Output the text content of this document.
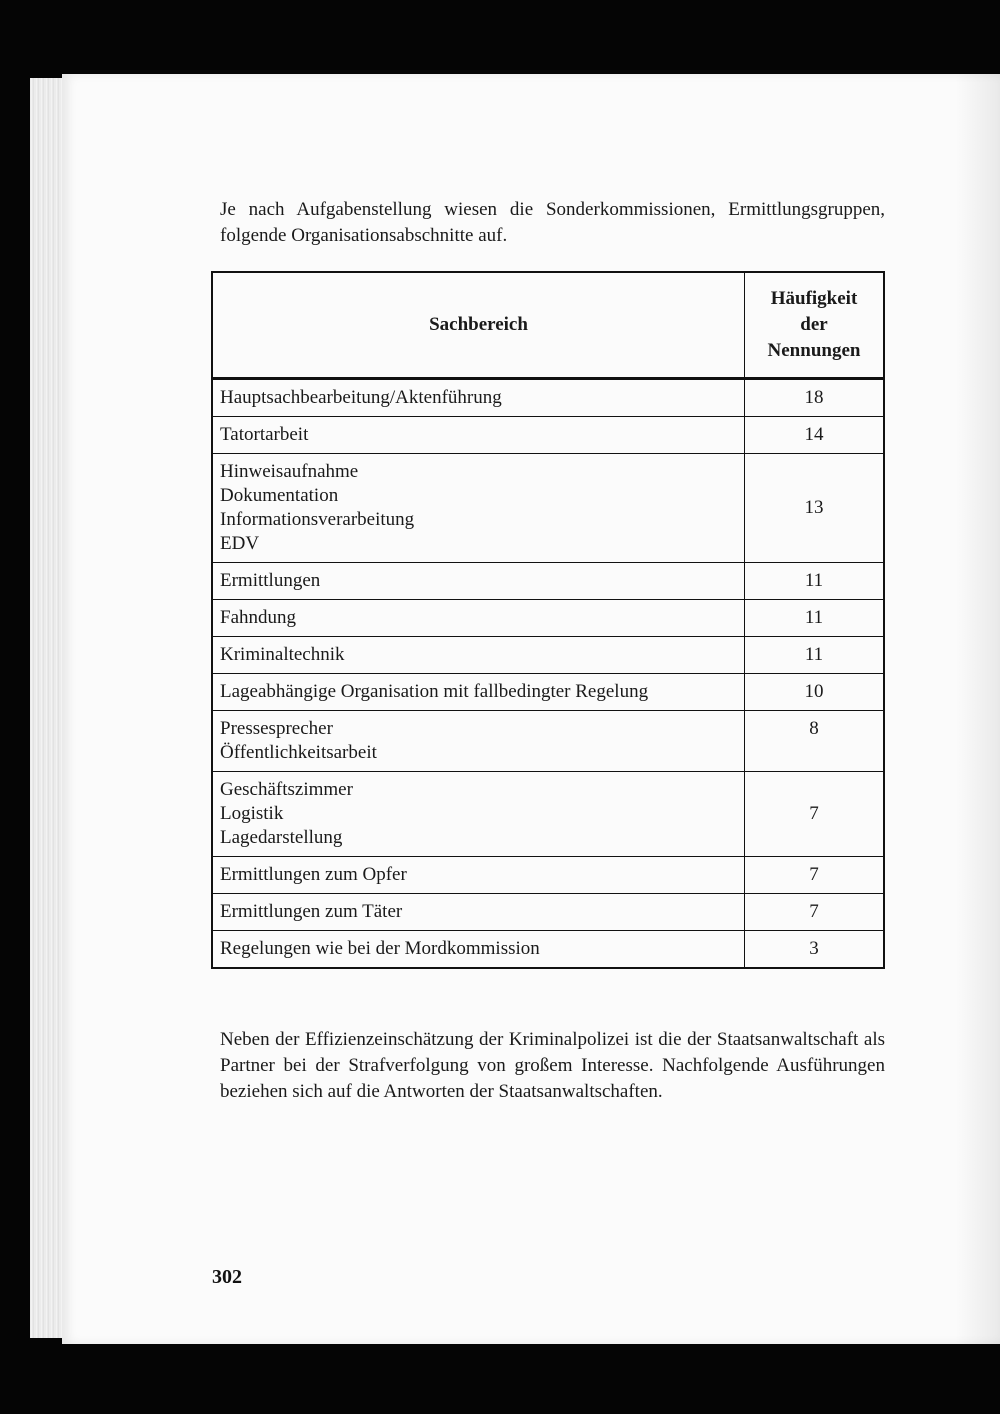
Je nach Aufgabenstellung wiesen die Sonderkommissionen, Ermittlungsgruppen, folgende Organisationsabschnitte auf.

Sachbereich	Häufigkeit
der
Nennungen

Hauptsachbearbeitung/Aktenführung	18

Tatortarbeit	14

Hinweisaufnahme
Dokumentation
Informationsverarbeitung
EDV	13

Ermittlungen	11

Fahndung	11

Kriminaltechnik	11

Lageabhängige Organisation mit fallbedingter Regelung	10

Pressesprecher
Öffentlichkeitsarbeit	8

Geschäftszimmer
Logistik
Lagedarstellung	7

Ermittlungen zum Opfer	7

Ermittlungen zum Täter	7

Regelungen wie bei der Mordkommission	3

Neben der Effizienzeinschätzung der Kriminalpolizei ist die der Staatsanwaltschaft als Partner bei der Strafverfolgung von großem Interesse. Nachfolgende Ausführungen beziehen sich auf die Antworten der Staatsanwaltschaften.

302
